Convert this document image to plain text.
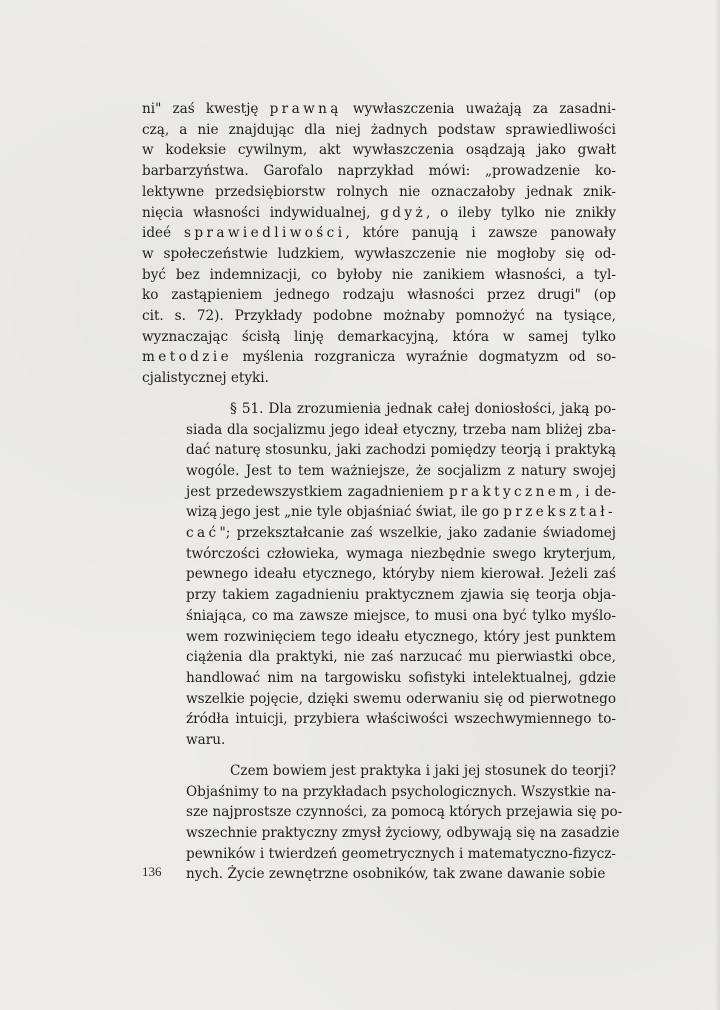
ni" zaś kwestję prawną wywłaszczenia uważają za zasadni-
czą, a nie znajdując dla niej żadnych podstaw sprawiedliwości
w kodeksie cywilnym, akt wywłaszczenia osądzają jako gwałt
barbarzyństwa. Garofalo naprzykład mówi: „prowadzenie ko-
lektywne przedsiębiorstw rolnych nie oznaczałoby jednak znik-
nięcia własności indywidualnej, gdyż, o ileby tylko nie znikły
ideé sprawiedliwości, które panują i zawsze panowały
w społeczeństwie ludzkiem, wywłaszczenie nie mogłoby się od-
być bez indemnizacji, co byłoby nie zanikiem własności, a tyl-
ko zastąpieniem jednego rodzaju własności przez drugi" (op
cit. s. 72). Przykłady podobne możnaby pomnożyć na tysiące,
wyznaczając ścisłą linję demarkacyjną, która w samej tylko
metodzie myślenia rozgranicza wyraźnie dogmatyzm od so-
cjalistycznej etyki.

§ 51. Dla zrozumienia jednak całej doniosłości, jaką po-
siada dla socjalizmu jego ideał etyczny, trzeba nam bliżej zba-
dać naturę stosunku, jaki zachodzi pomiędzy teorją i praktyką
wogóle. Jest to tem ważniejsze, że socjalizm z natury swojej
jest przedewszystkiem zagadnieniem praktycznem, i de-
wizą jego jest „nie tyle objaśniać świat, ile go przekształ-
cać"; przekształcanie zaś wszelkie, jako zadanie świadomej
twórczości człowieka, wymaga niezbędnie swego kryterjum,
pewnego ideału etycznego, któryby niem kierował. Jeżeli zaś
przy takiem zagadnieniu praktycznem zjawia się teorja obja-
śniająca, co ma zawsze miejsce, to musi ona być tylko myślo-
wem rozwinięciem tego ideału etycznego, który jest punktem
ciążenia dla praktyki, nie zaś narzucać mu pierwiastki obce,
handlować nim na targowisku sofistyki intelektualnej, gdzie
wszelkie pojęcie, dzięki swemu oderwaniu się od pierwotnego
źródła intuicji, przybiera właściwości wszechwymiennego to-
waru.

Czem bowiem jest praktyka i jaki jej stosunek do teorji?
Objaśnimy to na przykładach psychologicznych. Wszystkie na-
sze najprostsze czynności, za pomocą których przejawia się po-
wszechnie praktyczny zmysł życiowy, odbywają się na zasadzie
pewników i twierdzeń geometrycznych i matematyczno-fizycz-
nych. Życie zewnętrzne osobników, tak zwane dawanie sobie

136
